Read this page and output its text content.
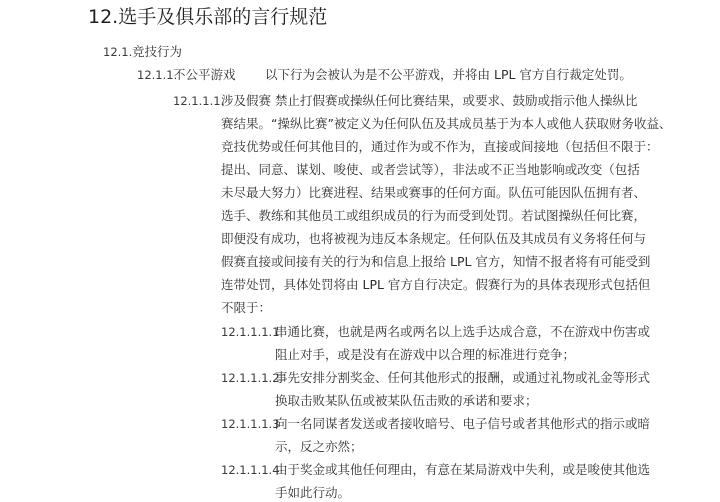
12.选手及俱乐部的言行规范
12.1. 竞技行为
12.1.1.
不公平游戏 以下行为会被认为是不公平游戏，并将由 LPL 官方自行裁定处罚。
12.1.1.1.
涉及假赛 禁止打假赛或操纵任何比赛结果，或要求、鼓励或指示他人操纵比
赛结果。“操纵比赛”被定义为任何队伍及其成员基于为本人或他人获取财务收益、
竞技优势或任何其他目的，通过作为或不作为，直接或间接地（包括但不限于：
提出、同意、谋划、唆使、或者尝试等），非法或不正当地影响或改变（包括
未尽最大努力）比赛进程、结果或赛事的任何方面。队伍可能因队伍拥有者、
选手、教练和其他员工或组织成员的行为而受到处罚。若试图操纵任何比赛，
即便没有成功，也将被视为违反本条规定。任何队伍及其成员有义务将任何与
假赛直接或间接有关的行为和信息上报给 LPL 官方，知情不报者将有可能受到
连带处罚，具体处罚将由 LPL 官方自行决定。假赛行为的具体表现形式包括但
不限于：
12.1.1.1.1
串通比赛，也就是两名或两名以上选手达成合意，不在游戏中伤害或
阻止对手，或是没有在游戏中以合理的标准进行竞争；
12.1.1.1.2
事先安排分割奖金、任何其他形式的报酬，或通过礼物或礼金等形式
换取击败某队伍或被某队伍击败的承诺和要求；
12.1.1.1.3
向一名同谋者发送或者接收暗号、电子信号或者其他形式的指示或暗
示，反之亦然；
12.1.1.1.4
由于奖金或其他任何理由，有意在某局游戏中失利，或是唆使其他选
手如此行动。
